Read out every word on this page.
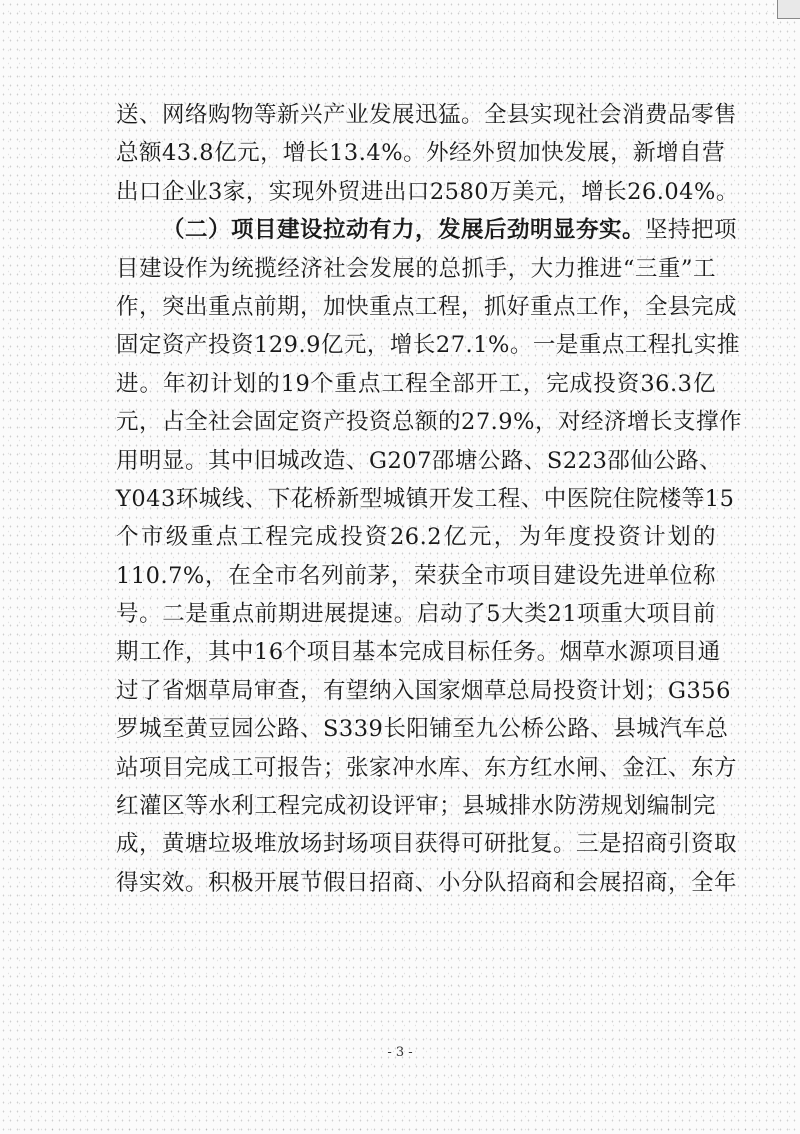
送、网络购物等新兴产业发展迅猛。全县实现社会消费品零售
总额43.8亿元，增长13.4%。外经外贸加快发展，新增自营
出口企业3家，实现外贸进出口2580万美元，增长26.04%。
（二）项目建设拉动有力，发展后劲明显夯实。坚持把项
目建设作为统揽经济社会发展的总抓手，大力推进“三重”工
作，突出重点前期，加快重点工程，抓好重点工作，全县完成
固定资产投资129.9亿元，增长27.1%。一是重点工程扎实推
进。年初计划的19个重点工程全部开工，完成投资36.3亿
元，占全社会固定资产投资总额的27.9%，对经济增长支撑作
用明显。其中旧城改造、G207邵塘公路、S223邵仙公路、
Y043环城线、下花桥新型城镇开发工程、中医院住院楼等15
个市级重点工程完成投资26.2亿元，为年度投资计划的
110.7%，在全市名列前茅，荣获全市项目建设先进单位称
号。二是重点前期进展提速。启动了5大类21项重大项目前
期工作，其中16个项目基本完成目标任务。烟草水源项目通
过了省烟草局审查，有望纳入国家烟草总局投资计划；G356
罗城至黄豆园公路、S339长阳铺至九公桥公路、县城汽车总
站项目完成工可报告；张家冲水库、东方红水闸、金江、东方
红灌区等水利工程完成初设评审；县城排水防涝规划编制完
成，黄塘垃圾堆放场封场项目获得可研批复。三是招商引资取
得实效。积极开展节假日招商、小分队招商和会展招商，全年
- 3 -
